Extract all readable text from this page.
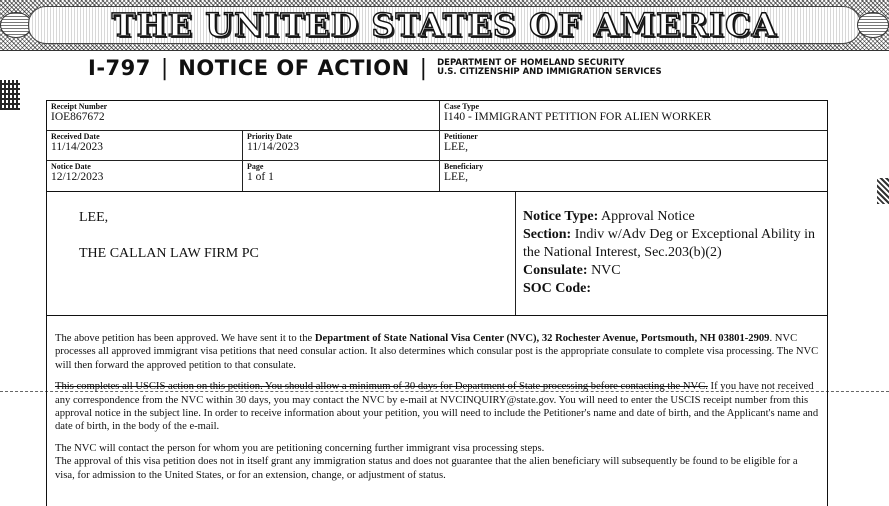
THE UNITED STATES OF AMERICA
I-797 | NOTICE OF ACTION | DEPARTMENT OF HOMELAND SECURITY
U.S. CITIZENSHIP AND IMMIGRATION SERVICES
Receipt Number
IOE867672
Case Type
I140 - IMMIGRANT PETITION FOR ALIEN WORKER
Received Date
11/14/2023
Priority Date
11/14/2023
Petitioner
LEE,
Notice Date
12/12/2023
Page
1 of 1
Beneficiary
LEE,
LEE,
THE CALLAN LAW FIRM PC
Notice Type: Approval Notice
Section: Indiv w/Adv Deg or Exceptional Ability in the National Interest, Sec.203(b)(2)
Consulate: NVC
SOC Code:

The above petition has been approved. We have sent it to the Department of State National Visa Center (NVC), 32 Rochester Avenue, Portsmouth, NH 03801-2909. NVC processes all approved immigrant visa petitions that need consular action. It also determines which consular post is the appropriate consulate to complete visa processing. The NVC will then forward the approved petition to that consulate.

This completes all USCIS action on this petition. You should allow a minimum of 30 days for Department of State processing before contacting the NVC. If you have not received any correspondence from the NVC within 30 days, you may contact the NVC by e-mail at NVCINQUIRY@state.gov. You will need to enter the USCIS receipt number from this approval notice in the subject line. In order to receive information about your petition, you will need to include the Petitioner's name and date of birth, and the Applicant's name and date of birth, in the body of the e-mail.

The NVC will contact the person for whom you are petitioning concerning further immigrant visa processing steps.

The approval of this visa petition does not in itself grant any immigration status and does not guarantee that the alien beneficiary will subsequently be found to be eligible for a visa, for admission to the United States, or for an extension, change, or adjustment of status.
